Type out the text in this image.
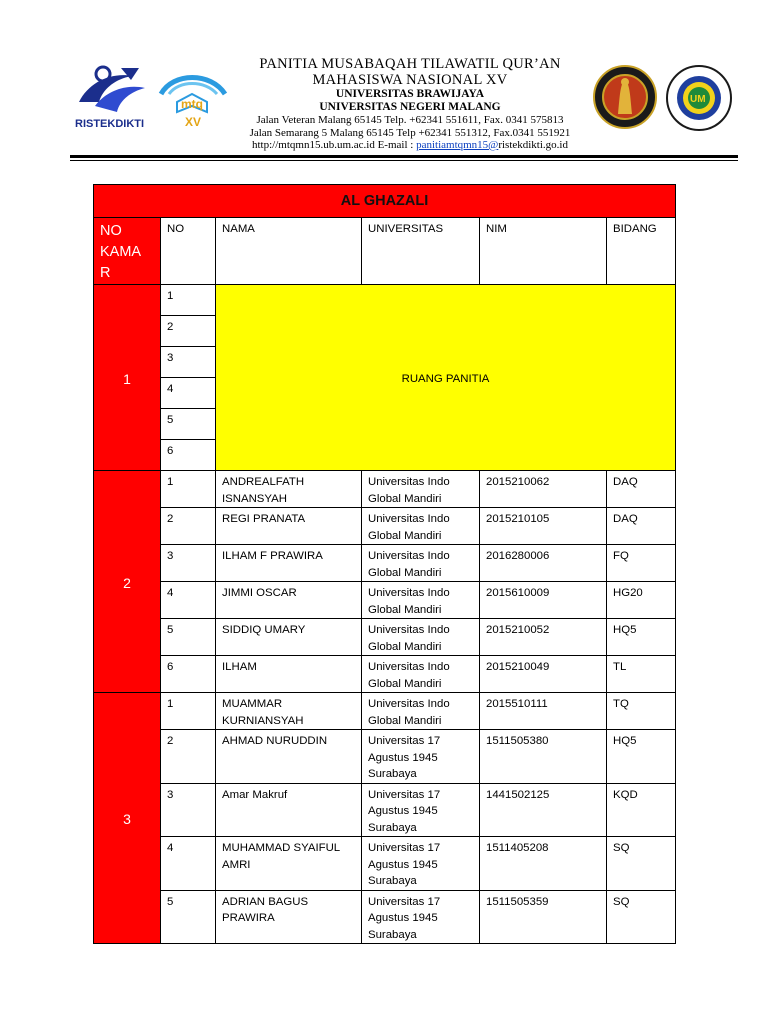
RISTEKDIKTI
mtq
XV
PANITIA MUSABAQAH TILAWATIL QUR’AN
MAHASISWA NASIONAL XV
UNIVERSITAS BRAWIJAYA
UNIVERSITAS NEGERI MALANG
Jalan Veteran Malang 65145 Telp. +62341 551611, Fax. 0341 575813
Jalan Semarang 5 Malang 65145 Telp +62341 551312, Fax.0341 551921
http://mtqmn15.ub.um.ac.id E-mail : panitiamtqmn15@ristekdikti.go.id
UM
AL GHAZALI					
NO KAMA R	NO	NAMA	UNIVERSITAS	NIM	BIDANG
1	1	RUANG PANITIA			
	2				
	3				
	4				
	5				
	6				
2	1	ANDREALFATH ISNANSYAH	Universitas Indo Global Mandiri	2015210062	DAQ
	2	REGI PRANATA	Universitas Indo Global Mandiri	2015210105	DAQ
	3	ILHAM F PRAWIRA	Universitas Indo Global Mandiri	2016280006	FQ
	4	JIMMI OSCAR	Universitas Indo Global Mandiri	2015610009	HG20
	5	SIDDIQ UMARY	Universitas Indo Global Mandiri	2015210052	HQ5
	6	ILHAM	Universitas Indo Global Mandiri	2015210049	TL
3	1	MUAMMAR KURNIANSYAH	Universitas Indo Global Mandiri	2015510111	TQ
	2	AHMAD NURUDDIN	Universitas 17 Agustus 1945 Surabaya	1511505380	HQ5
	3	Amar Makruf	Universitas 17 Agustus 1945 Surabaya	1441502125	KQD
	4	MUHAMMAD SYAIFUL AMRI	Universitas 17 Agustus 1945 Surabaya	1511405208	SQ
	5	ADRIAN BAGUS PRAWIRA	Universitas 17 Agustus 1945 Surabaya	1511505359	SQ
